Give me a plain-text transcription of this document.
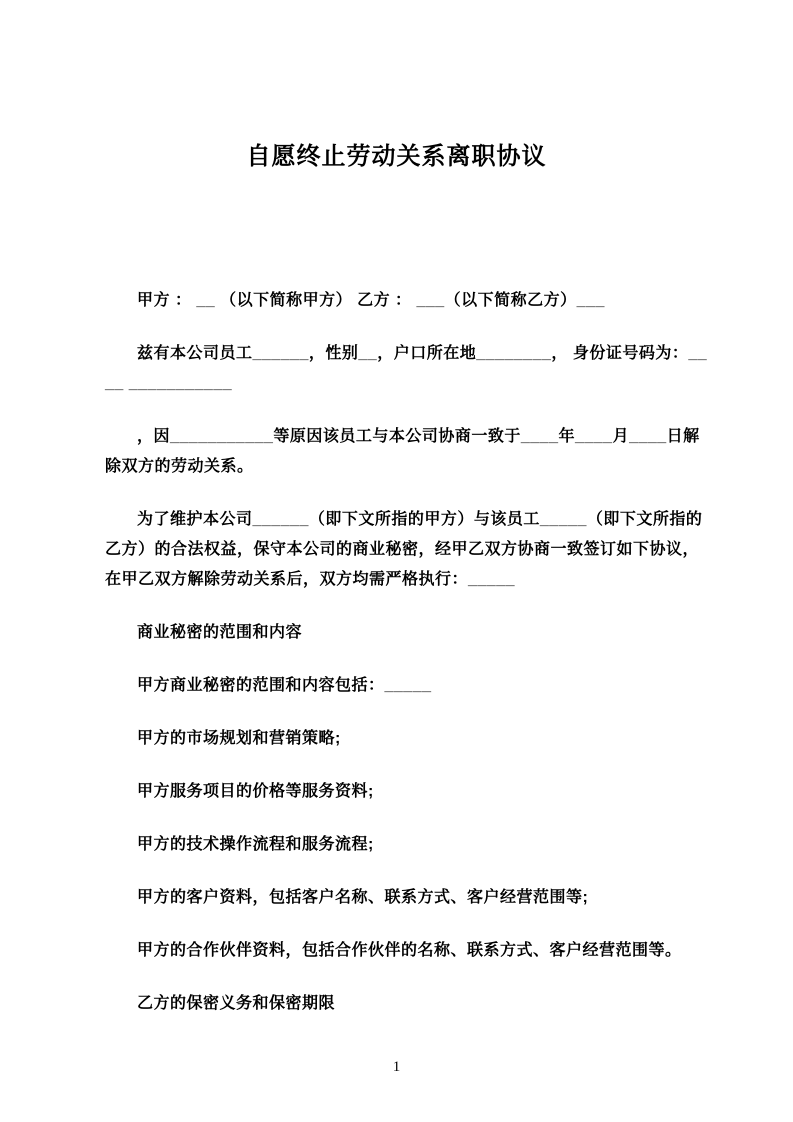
自愿终止劳动关系离职协议

甲方 ： __ （以下简称甲方） 乙方 ： ___（以下简称乙方）___

兹有本公司员工______，性别__，户口所在地________， 身份证号码为：____ ___________

，因___________等原因该员工与本公司协商一致于____年____月____日解除双方的劳动关系。

为了维护本公司______（即下文所指的甲方）与该员工_____（即下文所指的乙方）的合法权益，保守本公司的商业秘密，经甲乙双方协商一致签订如下协议，在甲乙双方解除劳动关系后，双方均需严格执行：_____

商业秘密的范围和内容

甲方商业秘密的范围和内容包括：_____

甲方的市场规划和营销策略;

甲方服务项目的价格等服务资料;

甲方的技术操作流程和服务流程;

甲方的客户资料，包括客户名称、联系方式、客户经营范围等;

甲方的合作伙伴资料，包括合作伙伴的名称、联系方式、客户经营范围等。

乙方的保密义务和保密期限

1
